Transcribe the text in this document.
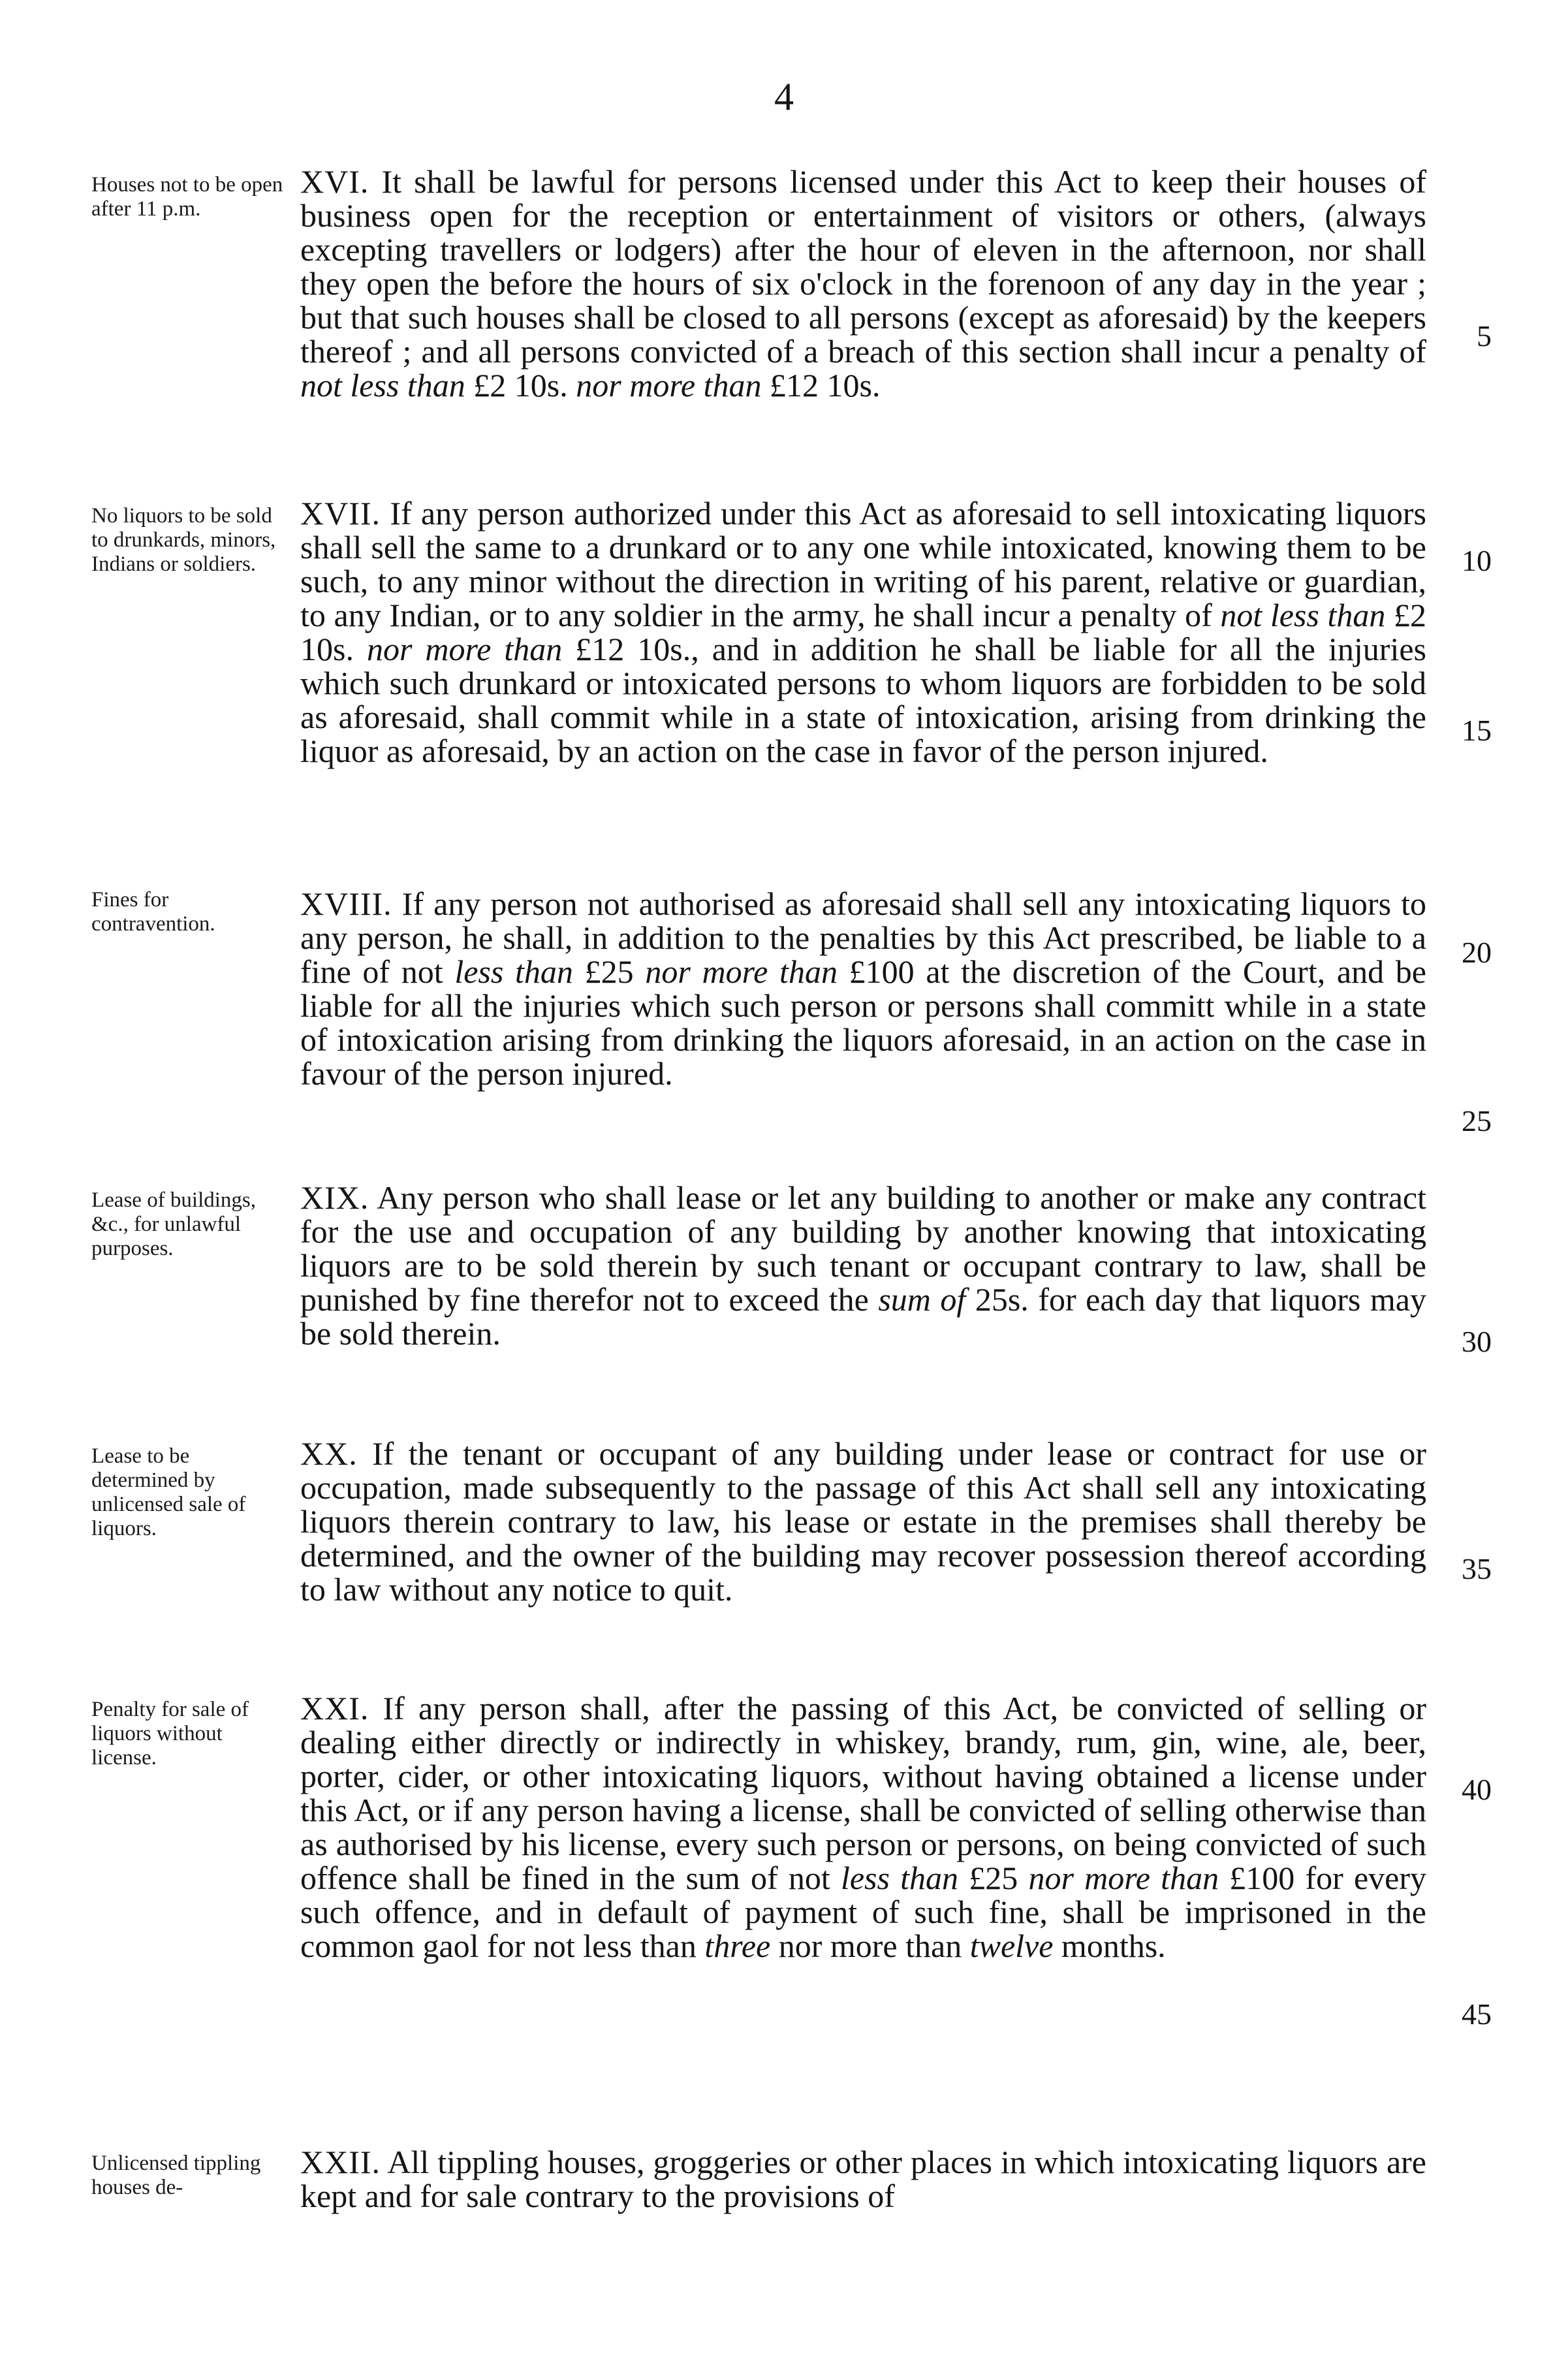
4
Houses not to be open after 11 p.m.
XVI. It shall be lawful for persons licensed under this Act to keep their houses of business open for the reception or entertainment of visitors or others, (always excepting travellers or lodgers) after the hour of eleven in the afternoon, nor shall they open the before the hours of six o'clock in the forenoon of any day in the year ; but that such houses shall be closed to all persons (except as aforesaid) by the keepers thereof ; and all persons convicted of a breach of this section shall incur a penalty of not less than £2 10s. nor more than £12 10s.
No liquors to be sold to drunkards, minors, Indians or soldiers.
XVII. If any person authorized under this Act as aforesaid to sell intoxicating liquors shall sell the same to a drunkard or to any one while intoxicated, knowing them to be such, to any minor without the direction in writing of his parent, relative or guardian, to any Indian, or to any soldier in the army, he shall incur a penalty of not less than £2 10s. nor more than £12 10s., and in addition he shall be liable for all the injuries which such drunkard or intoxicated persons to whom liquors are forbidden to be sold as aforesaid, shall commit while in a state of intoxication, arising from drinking the liquor as aforesaid, by an action on the case in favor of the person injured.
Fines for contravention.
XVIII. If any person not authorised as aforesaid shall sell any intoxicating liquors to any person, he shall, in addition to the penalties by this Act prescribed, be liable to a fine of not less than £25 nor more than £100 at the discretion of the Court, and be liable for all the injuries which such person or persons shall committ while in a state of intoxication arising from drinking the liquors aforesaid, in an action on the case in favour of the person injured.
Lease of buildings, &c., for unlawful purposes.
XIX. Any person who shall lease or let any building to another or make any contract for the use and occupation of any building by another knowing that intoxicating liquors are to be sold therein by such tenant or occupant contrary to law, shall be punished by fine therefor not to exceed the sum of 25s. for each day that liquors may be sold therein.
Lease to be determined by unlicensed sale of liquors.
XX. If the tenant or occupant of any building under lease or contract for use or occupation, made subsequently to the passage of this Act shall sell any intoxicating liquors therein contrary to law, his lease or estate in the premises shall thereby be determined, and the owner of the building may recover possession thereof according to law without any notice to quit.
Penalty for sale of liquors without license.
XXI. If any person shall, after the passing of this Act, be convicted of selling or dealing either directly or indirectly in whiskey, brandy, rum, gin, wine, ale, beer, porter, cider, or other intoxicating liquors, without having obtained a license under this Act, or if any person having a license, shall be convicted of selling otherwise than as authorised by his license, every such person or persons, on being convicted of such offence shall be fined in the sum of not less than £25 nor more than £100 for every such offence, and in default of payment of such fine, shall be imprisoned in the common gaol for not less than three nor more than twelve months.
Unlicensed tippling houses de-
XXII. All tippling houses, groggeries or other places in which intoxicating liquors are kept and for sale contrary to the provisions of
5
10
15
20
25
30
35
40
45
